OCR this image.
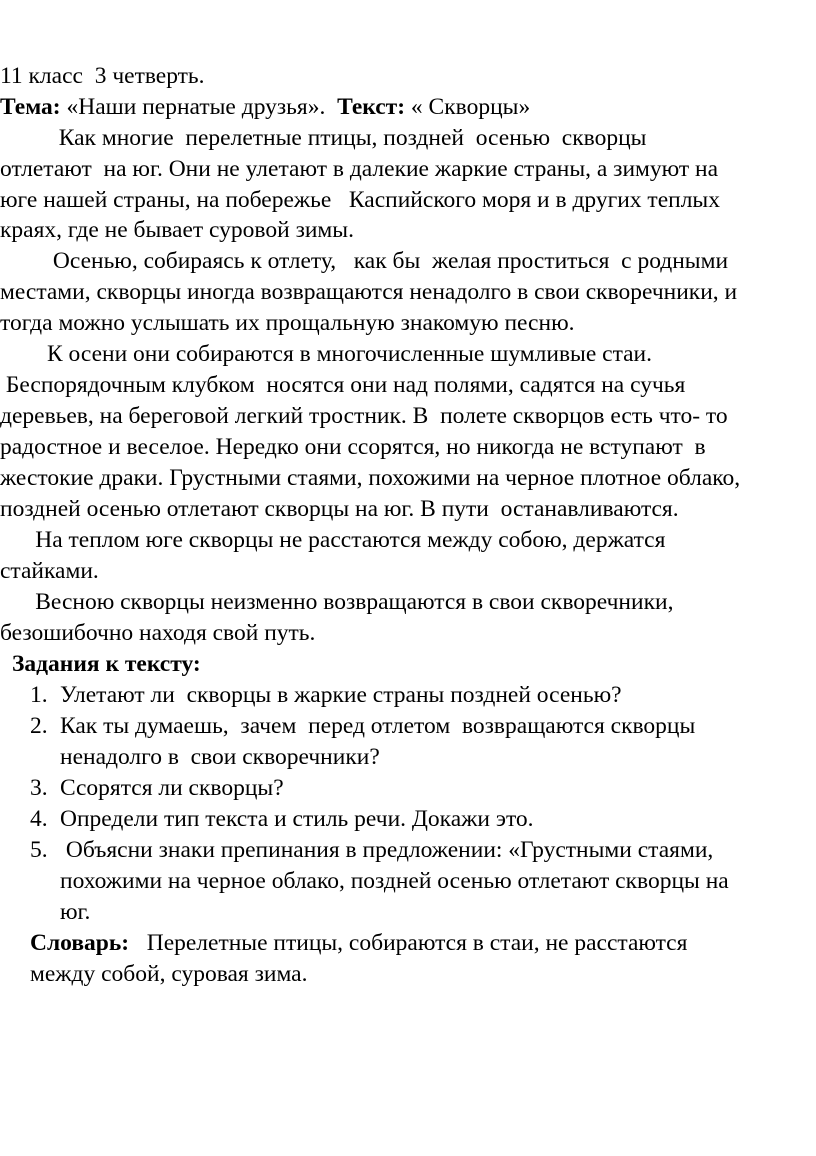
11 класс  3 четверть.
Тема: «Наши пернатые друзья».  Текст: « Скворцы»
Как многие  перелетные птицы, поздней  осенью  скворцы
отлетают  на юг. Они не улетают в далекие жаркие страны, а зимуют на
юге нашей страны, на побережье   Каспийского моря и в других теплых
краях, где не бывает суровой зимы.
Осенью, собираясь к отлету,   как бы  желая проститься  с родными
местами, скворцы иногда возвращаются ненадолго в свои скворечники, и
тогда можно услышать их прощальную знакомую песню.
К осени они собираются в многочисленные шумливые стаи.
Беспорядочным клубком  носятся они над полями, садятся на сучья
деревьев, на береговой легкий тростник. В  полете скворцов есть что- то
радостное и веселое. Нередко они ссорятся, но никогда не вступают  в
жестокие драки. Грустными стаями, похожими на черное плотное облако,
поздней осенью отлетают скворцы на юг. В пути  останавливаются.
На теплом юге скворцы не расстаются между собою, держатся
стайками.
Весною скворцы неизменно возвращаются в свои скворечники,
безошибочно находя свой путь.
Задания к тексту:
1. Улетают ли  скворцы в жаркие страны поздней осенью?
2. Как ты думаешь,  зачем  перед отлетом  возвращаются скворцы
ненадолго в  свои скворечники?
3. Ссорятся ли скворцы?
4. Определи тип текста и стиль речи. Докажи это.
5. Объясни знаки препинания в предложении: «Грустными стаями,
похожими на черное облако, поздней осенью отлетают скворцы на
юг.
Словарь:   Перелетные птицы, собираются в стаи, не расстаются
между собой, суровая зима.
